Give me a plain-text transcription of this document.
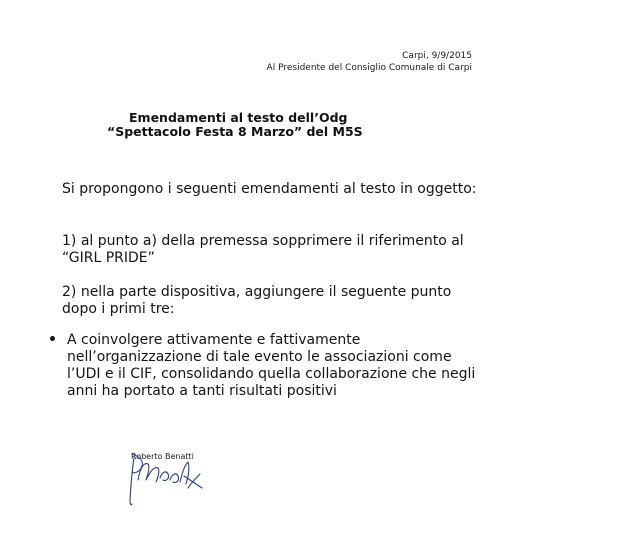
Carpi, 9/9/2015
Al Presidente del Consiglio Comunale di Carpi
Emendamenti al testo dell’Odg
“Spettacolo Festa 8 Marzo” del M5S
Si propongono i seguenti emendamenti al testo in oggetto:
1) al punto a) della premessa sopprimere il riferimento al “GIRL PRIDE”
2) nella parte dispositiva, aggiungere il seguente punto dopo i primi tre:
A coinvolgere attivamente e fattivamente nell’organizzazione di tale evento le associazioni come l’UDI e il CIF, consolidando quella collaborazione che negli anni ha portato a tanti risultati positivi
Roberto Benatti
